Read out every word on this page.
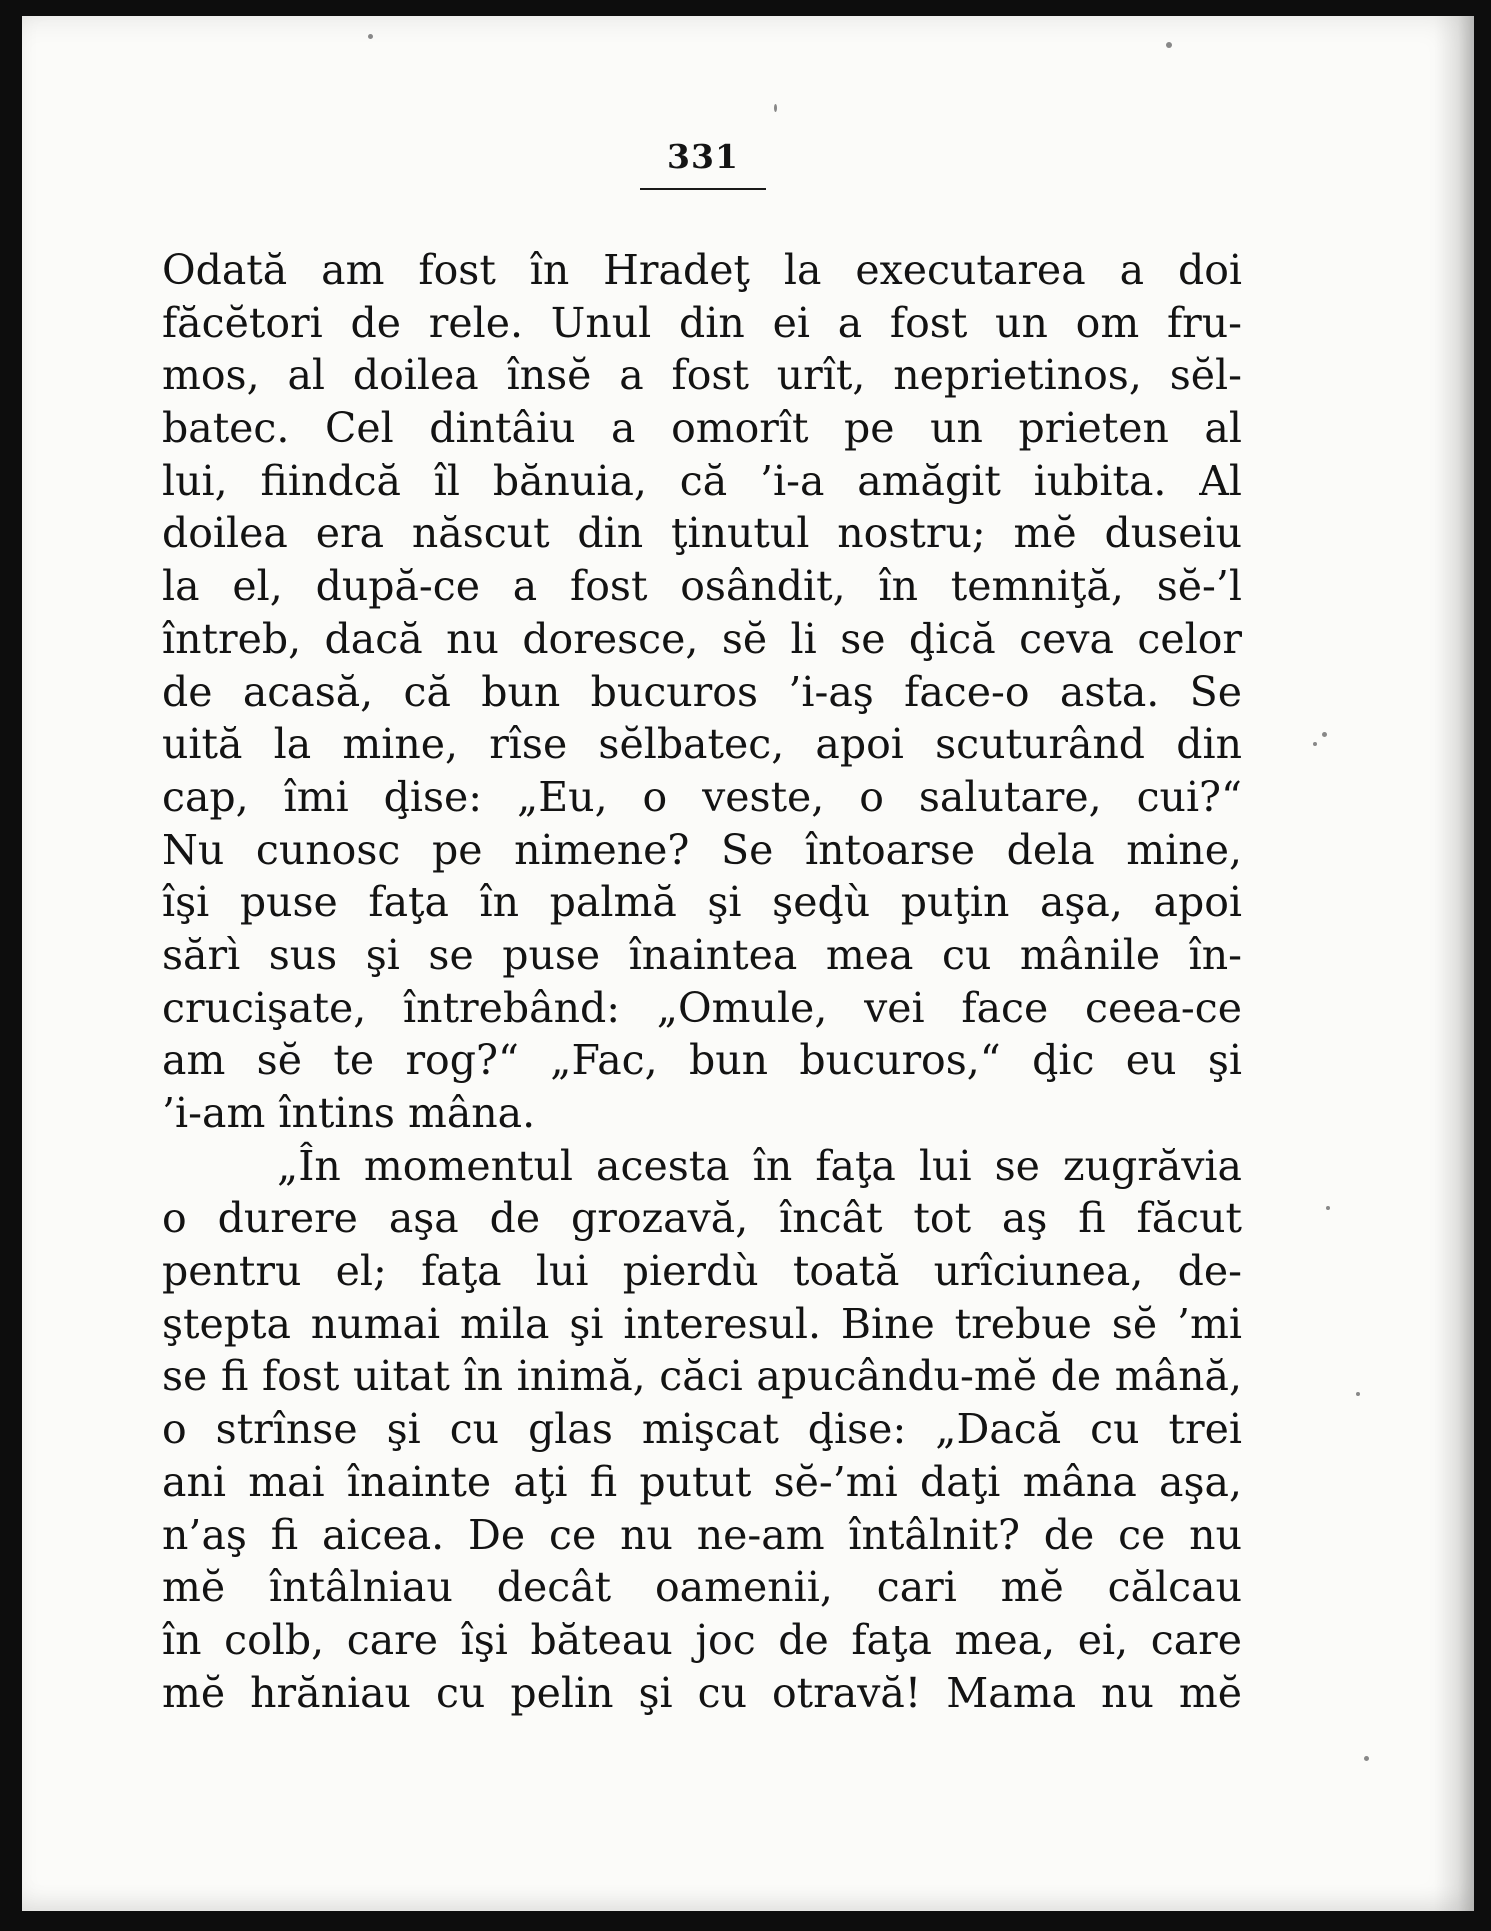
331
Odată am fost în Hradeţ la executarea a doi
făcĕtori de rele. Unul din ei a fost un om fru-
mos, al doilea însĕ a fost urît, neprietinos, sĕl-
batec. Cel dintâiu a omorît pe un prieten al
lui, fiindcă îl bănuia, că ’i-a amăgit iubita. Al
doilea era născut din ţinutul nostru; mĕ duseiu
la el, după-ce a fost osândit, în temniţă, sĕ-’l
întreb, dacă nu doresce, sĕ li se ḑică ceva celor
de acasă, că bun bucuros ’i-aş face-o asta. Se
uită la mine, rîse sĕlbatec, apoi scuturând din
cap, îmi ḑise: „Eu, o veste, o salutare, cui?“
Nu cunosc pe nimene? Se întoarse dela mine,
îşi puse faţa în palmă şi şeḑù puţin aşa, apoi
sărì sus şi se puse înaintea mea cu mânile în-
crucişate, întrebând: „Omule, vei face ceea-ce
am sĕ te rog?“ „Fac, bun bucuros,“ ḑic eu şi
’i-am întins mâna.
„În momentul acesta în faţa lui se zugrăvia
o durere aşa de grozavă, încât tot aş fi făcut
pentru el; faţa lui pierdù toată urîciunea, de-
ştepta numai mila şi interesul. Bine trebue sĕ ’mi
se fi fost uitat în inimă, căci apucându-mĕ de mână,
o strînse şi cu glas mişcat ḑise: „Dacă cu trei
ani mai înainte aţi fi putut sĕ-’mi daţi mâna aşa,
n’aş fi aicea. De ce nu ne-am întâlnit? de ce nu
mĕ întâlniau decât oamenii, cari mĕ călcau
în colb, care îşi băteau joc de faţa mea, ei, care
mĕ hrăniau cu pelin şi cu otravă! Mama nu mĕ
